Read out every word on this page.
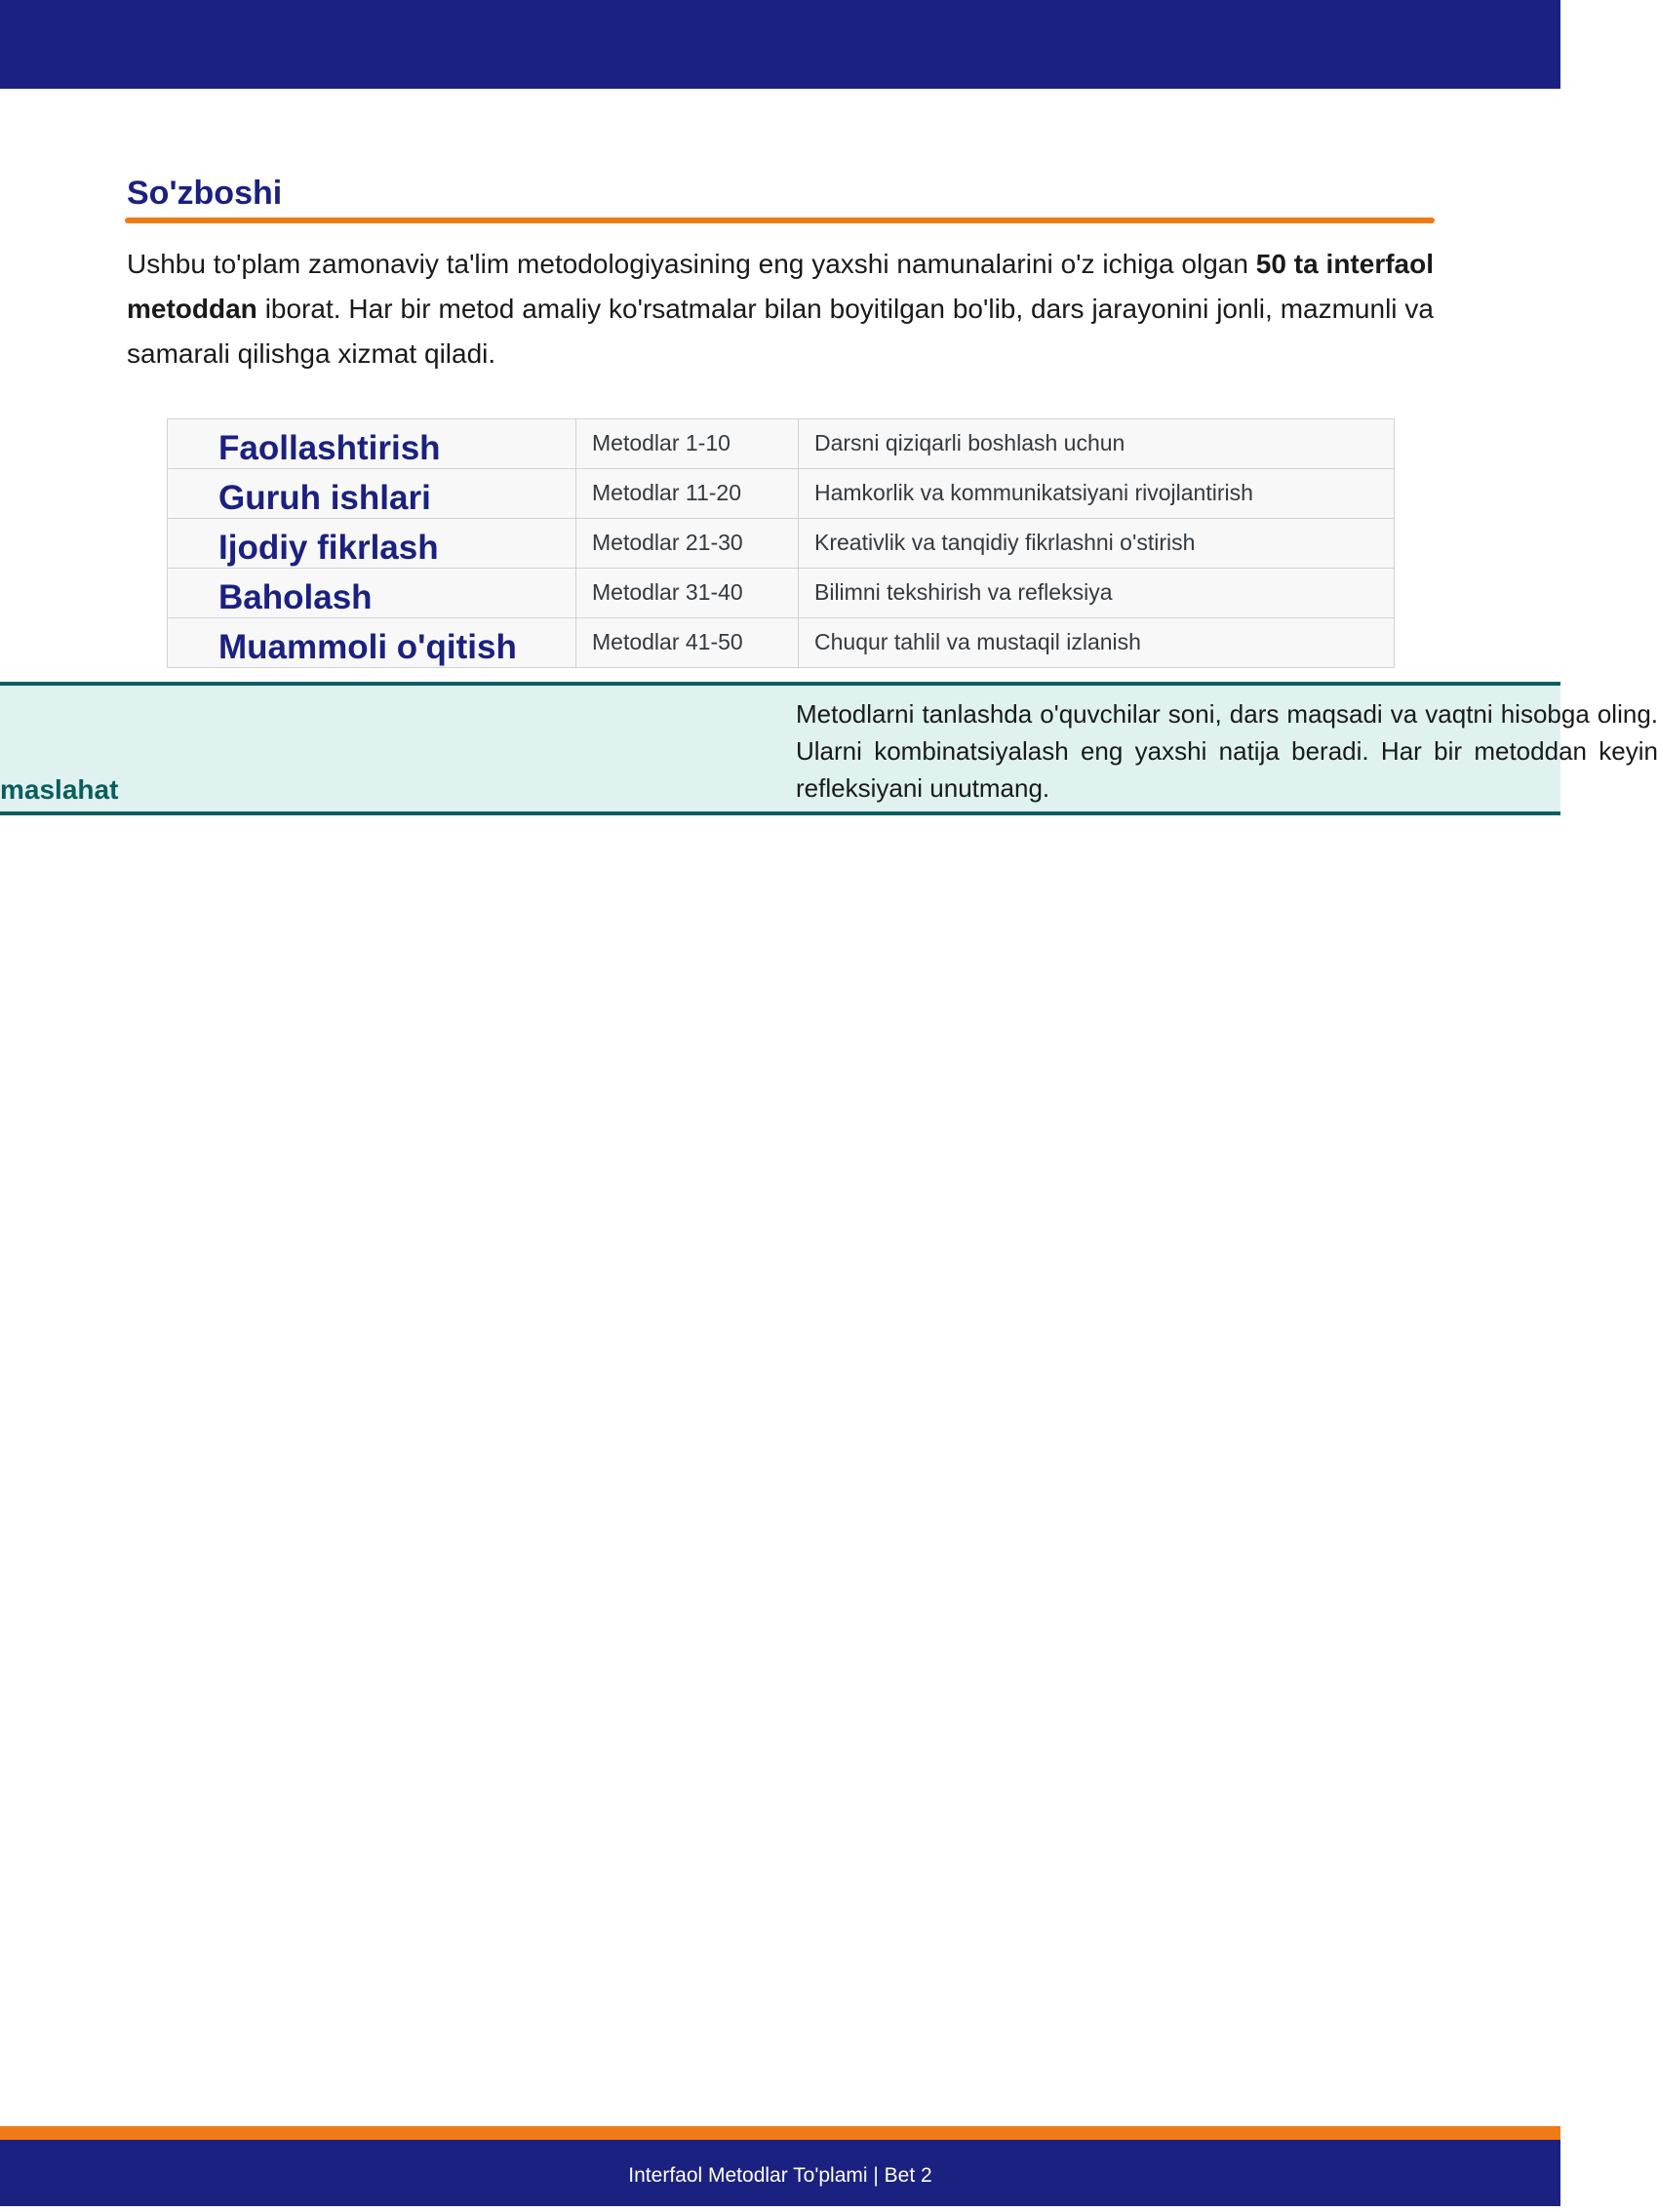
So'zboshi

Ushbu to'plam zamonaviy ta'lim metodologiyasining eng yaxshi namunalarini o'z ichiga olgan 50 ta interfaol metoddan iborat. Har bir metod amaliy ko'rsatmalar bilan boyitilgan bo'lib, dars jarayonini jonli, mazmunli va samarali qilishga xizmat qiladi.

Faollashtirish	Metodlar 1-10	Darsni qiziqarli boshlash uchun

Guruh ishlari	Metodlar 11-20	Hamkorlik va kommunikatsiyani rivojlantirish

Ijodiy fikrlash	Metodlar 21-30	Kreativlik va tanqidiy fikrlashni o'stirish

Baholash	Metodlar 31-40	Bilimni tekshirish va refleksiya

Muammoli o'qitish	Metodlar 41-50	Chuqur tahlil va mustaqil izlanish
maslahat

Metodlarni tanlashda o'quvchilar soni, dars maqsadi va vaqtni hisobga oling. Ularni kombinatsiyalash eng yaxshi natija beradi. Har bir metoddan keyin refleksiyani unutmang.

Interfaol Metodlar To'plami | Bet 2
